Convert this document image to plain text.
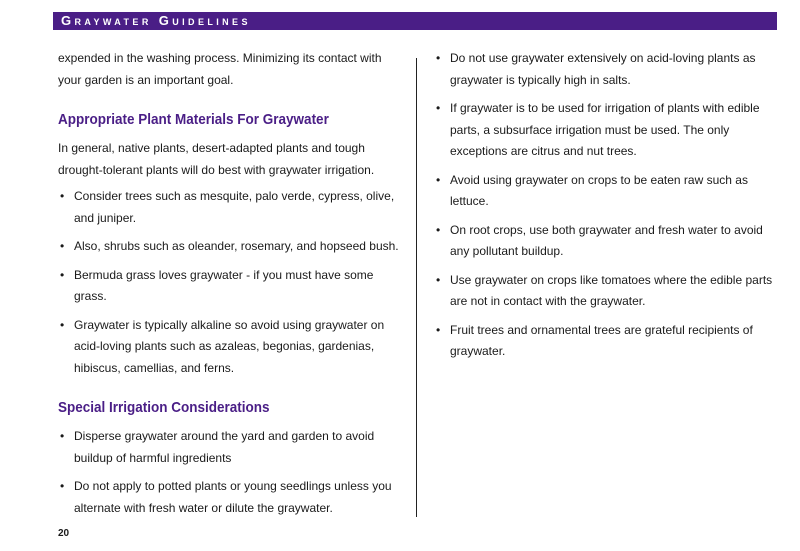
Graywater Guidelines

expended in the washing process. Minimizing its contact with your garden is an important goal.

Appropriate Plant Materials For Graywater

In general, native plants, desert-adapted plants and tough drought-tolerant plants will do best with graywater irrigation.

• Consider trees such as mesquite, palo verde, cypress, olive, and juniper.
• Also, shrubs such as oleander, rosemary, and hopseed bush.
• Bermuda grass loves graywater - if you must have some grass.
• Graywater is typically alkaline so avoid using graywater on acid-loving plants such as azaleas, begonias, gardenias, hibiscus, camellias, and ferns.
Special Irrigation Considerations
• Disperse graywater around the yard and garden to avoid buildup of harmful ingredients
• Do not apply to potted plants or young seedlings unless you alternate with fresh water or dilute the graywater.
• Do not use graywater extensively on acid-loving plants as graywater is typically high in salts.
• If graywater is to be used for irrigation of plants with edible parts, a subsurface irrigation must be used. The only exceptions are citrus and nut trees.
• Avoid using graywater on crops to be eaten raw such as lettuce.
• On root crops, use both graywater and fresh water to avoid any pollutant buildup.
• Use graywater on crops like tomatoes where the edible parts are not in contact with the graywater.
• Fruit trees and ornamental trees are grateful recipients of graywater.
20
